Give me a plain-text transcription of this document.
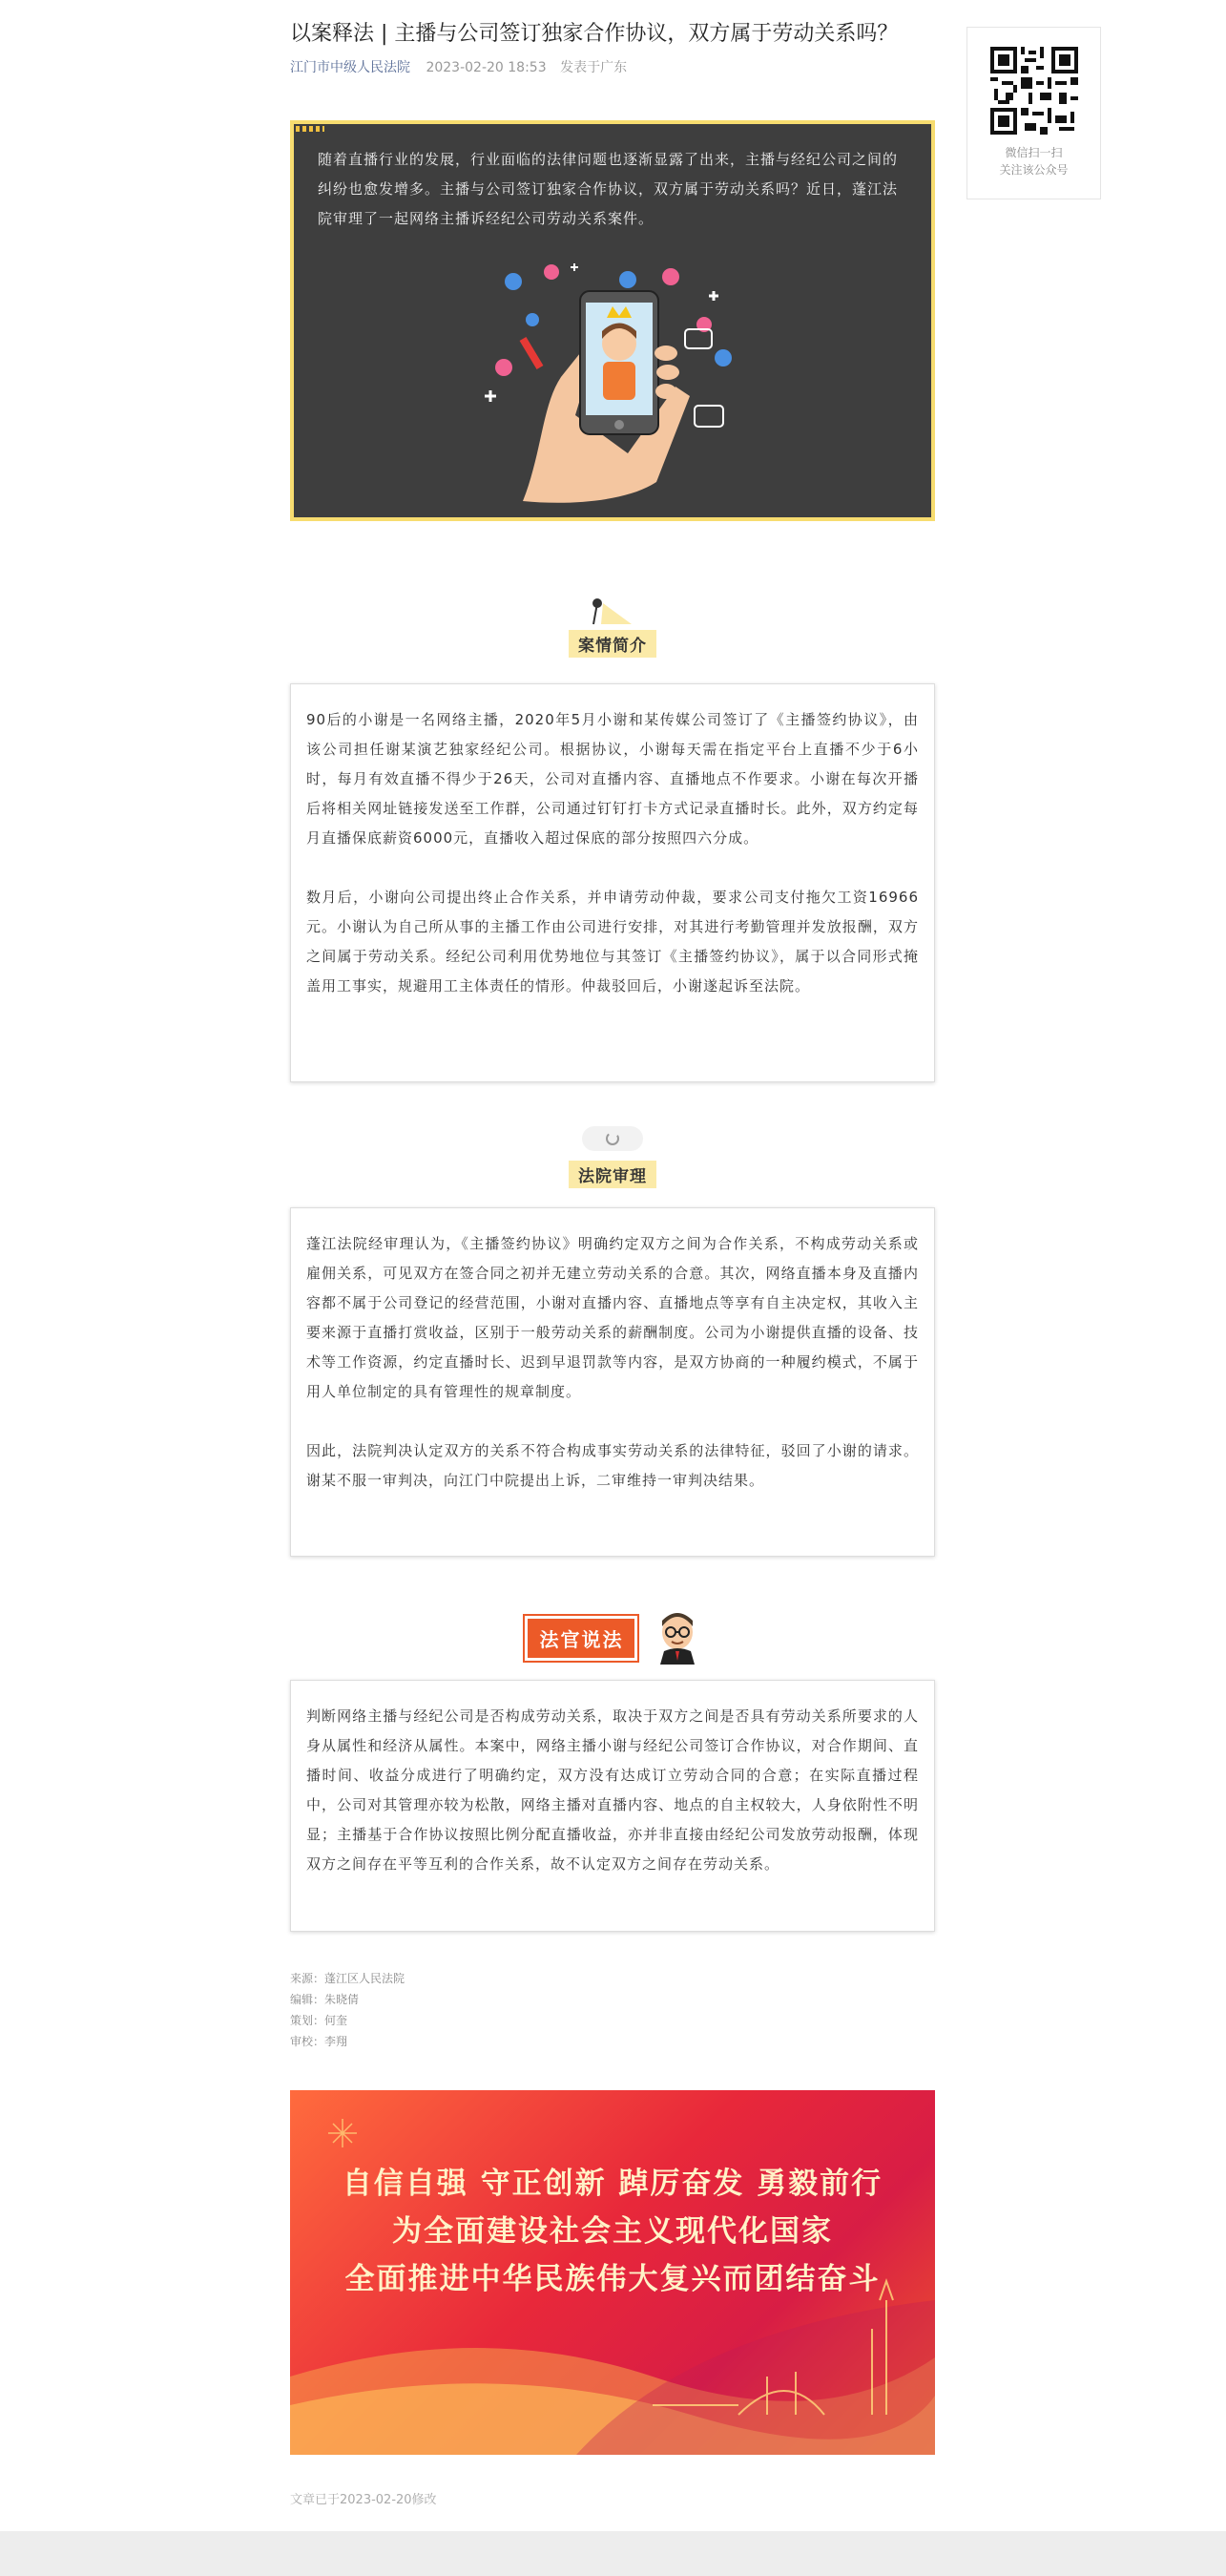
以案释法 | 主播与公司签订独家合作协议，双方属于劳动关系吗？
江门市中级人民法院 2023-02-20 18:53 发表于广东
微信扫一扫
关注该公众号

随着直播行业的发展，行业面临的法律问题也逐渐显露了出来，主播与经纪公司之间的纠纷也愈发增多。主播与公司签订独家合作协议，双方属于劳动关系吗？近日，蓬江法院审理了一起网络主播诉经纪公司劳动关系案件。

案情简介

90后的小谢是一名网络主播，2020年5月小谢和某传媒公司签订了《主播签约协议》，由该公司担任谢某演艺独家经纪公司。根据协议，小谢每天需在指定平台上直播不少于6小时，每月有效直播不得少于26天，公司对直播内容、直播地点不作要求。小谢在每次开播后将相关网址链接发送至工作群，公司通过钉钉打卡方式记录直播时长。此外，双方约定每月直播保底薪资6000元，直播收入超过保底的部分按照四六分成。

数月后，小谢向公司提出终止合作关系，并申请劳动仲裁，要求公司支付拖欠工资16966元。小谢认为自己所从事的主播工作由公司进行安排，对其进行考勤管理并发放报酬，双方之间属于劳动关系。经纪公司利用优势地位与其签订《主播签约协议》，属于以合同形式掩盖用工事实，规避用工主体责任的情形。仲裁驳回后，小谢遂起诉至法院。

法院审理

蓬江法院经审理认为，《主播签约协议》明确约定双方之间为合作关系，不构成劳动关系或雇佣关系，可见双方在签合同之初并无建立劳动关系的合意。其次，网络直播本身及直播内容都不属于公司登记的经营范围，小谢对直播内容、直播地点等享有自主决定权，其收入主要来源于直播打赏收益，区别于一般劳动关系的薪酬制度。公司为小谢提供直播的设备、技术等工作资源，约定直播时长、迟到早退罚款等内容，是双方协商的一种履约模式，不属于用人单位制定的具有管理性的规章制度。

因此，法院判决认定双方的关系不符合构成事实劳动关系的法律特征，驳回了小谢的请求。谢某不服一审判决，向江门中院提出上诉，二审维持一审判决结果。

法官说法

判断网络主播与经纪公司是否构成劳动关系，取决于双方之间是否具有劳动关系所要求的人身从属性和经济从属性。本案中，网络主播小谢与经纪公司签订合作协议，对合作期间、直播时间、收益分成进行了明确约定，双方没有达成订立劳动合同的合意；在实际直播过程中，公司对其管理亦较为松散，网络主播对直播内容、地点的自主权较大，人身依附性不明显；主播基于合作协议按照比例分配直播收益，亦并非直接由经纪公司发放劳动报酬，体现双方之间存在平等互利的合作关系，故不认定双方之间存在劳动关系。

来源：蓬江区人民法院
编辑：朱晓倩
策划：何奎
审校：李翔
自信自强 守正创新 踔厉奋发 勇毅前行
为全面建设社会主义现代化国家
全面推进中华民族伟大复兴而团结奋斗
文章已于2023-02-20修改
